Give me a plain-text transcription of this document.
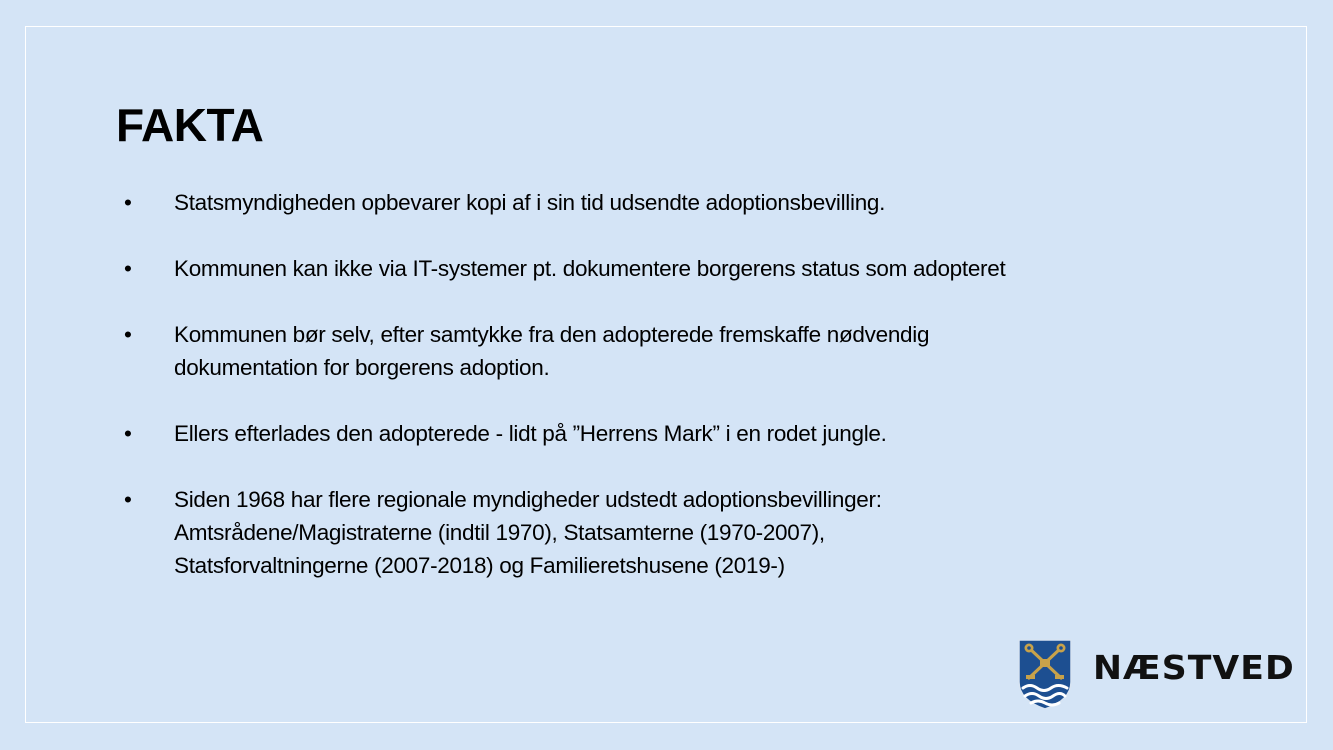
FAKTA
•	Statsmyndigheden opbevarer kopi af i sin tid udsendte adoptionsbevilling.
•	Kommunen kan ikke via IT-systemer pt. dokumentere borgerens status som adopteret
•	Kommunen bør selv, efter samtykke fra den adopterede fremskaffe nødvendig dokumentation for borgerens adoption.
•	Ellers efterlades den adopterede - lidt på ”Herrens Mark” i en rodet jungle.
•	Siden 1968 har flere regionale myndigheder udstedt adoptionsbevillinger: Amtsrådene/Magistraterne (indtil 1970), Statsamterne (1970-2007), Statsforvaltningerne (2007-2018) og Familieretshusene (2019-)
NÆSTVED
